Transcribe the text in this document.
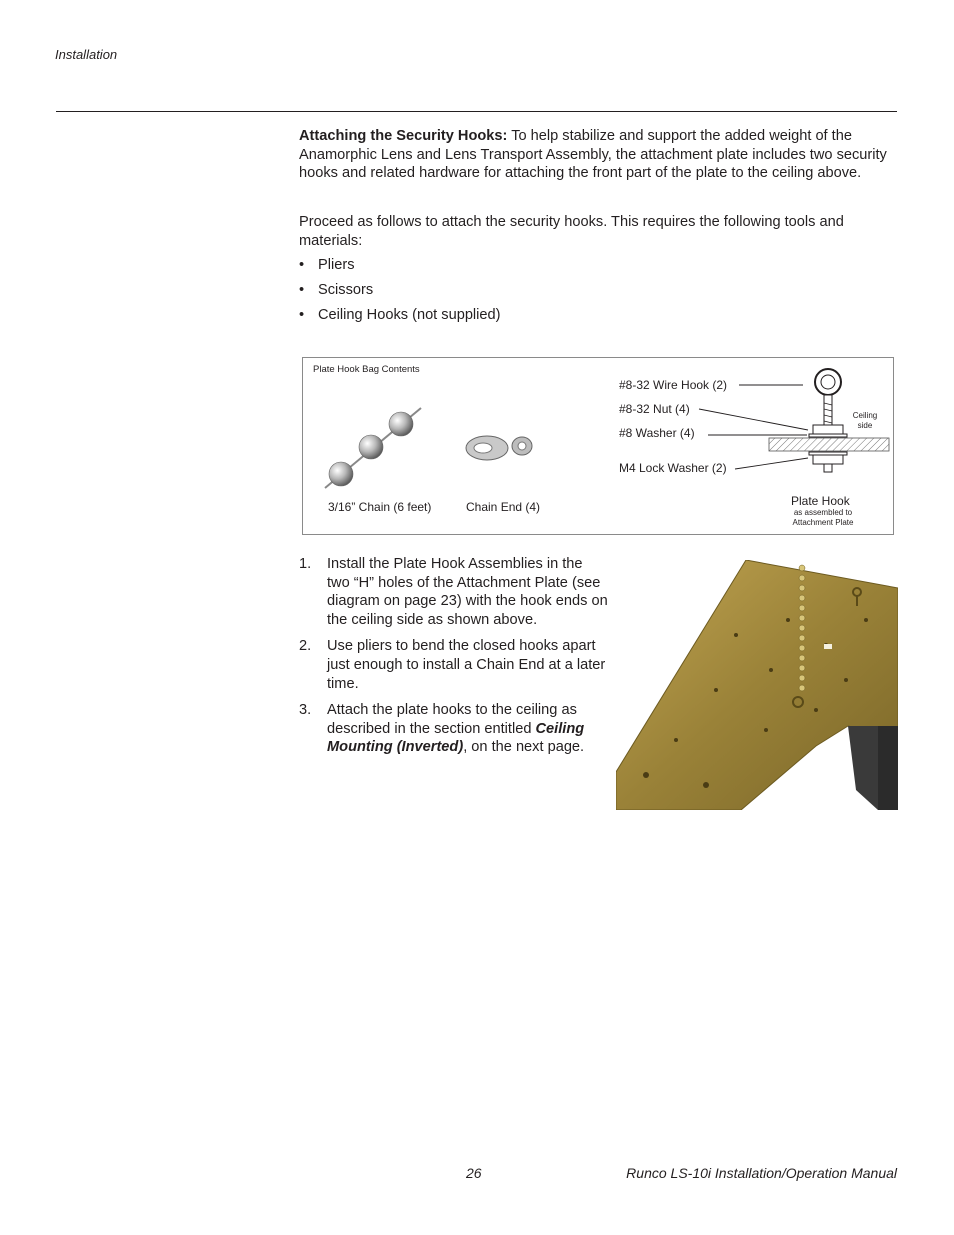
Installation
Attaching the Security Hooks: To help stabilize and support the added weight of the Anamorphic Lens and Lens Transport Assembly, the attachment plate includes two security hooks and related hardware for attaching the front part of the plate to the ceiling above.
Proceed as follows to attach the security hooks. This requires the following tools and materials:
• Pliers
• Scissors
• Ceiling Hooks (not supplied)
Plate Hook Bag Contents
3/16” Chain (6 feet)	Chain End (4)
#8-32 Wire Hook (2)
#8-32 Nut (4)
#8 Washer (4)
M4 Lock Washer (2)
Ceiling
side
Plate Hook
as assembled to
Attachment Plate
1. Install the Plate Hook Assemblies in the two “H” holes of the Attachment Plate (see diagram on page 23) with the hook ends on the ceiling side as shown above.
2. Use pliers to bend the closed hooks apart just enough to install a Chain End at a later time.
3. Attach the plate hooks to the ceiling as described in the section entitled Ceiling Mounting (Inverted), on the next page.
26	Runco LS-10i Installation/Operation Manual
